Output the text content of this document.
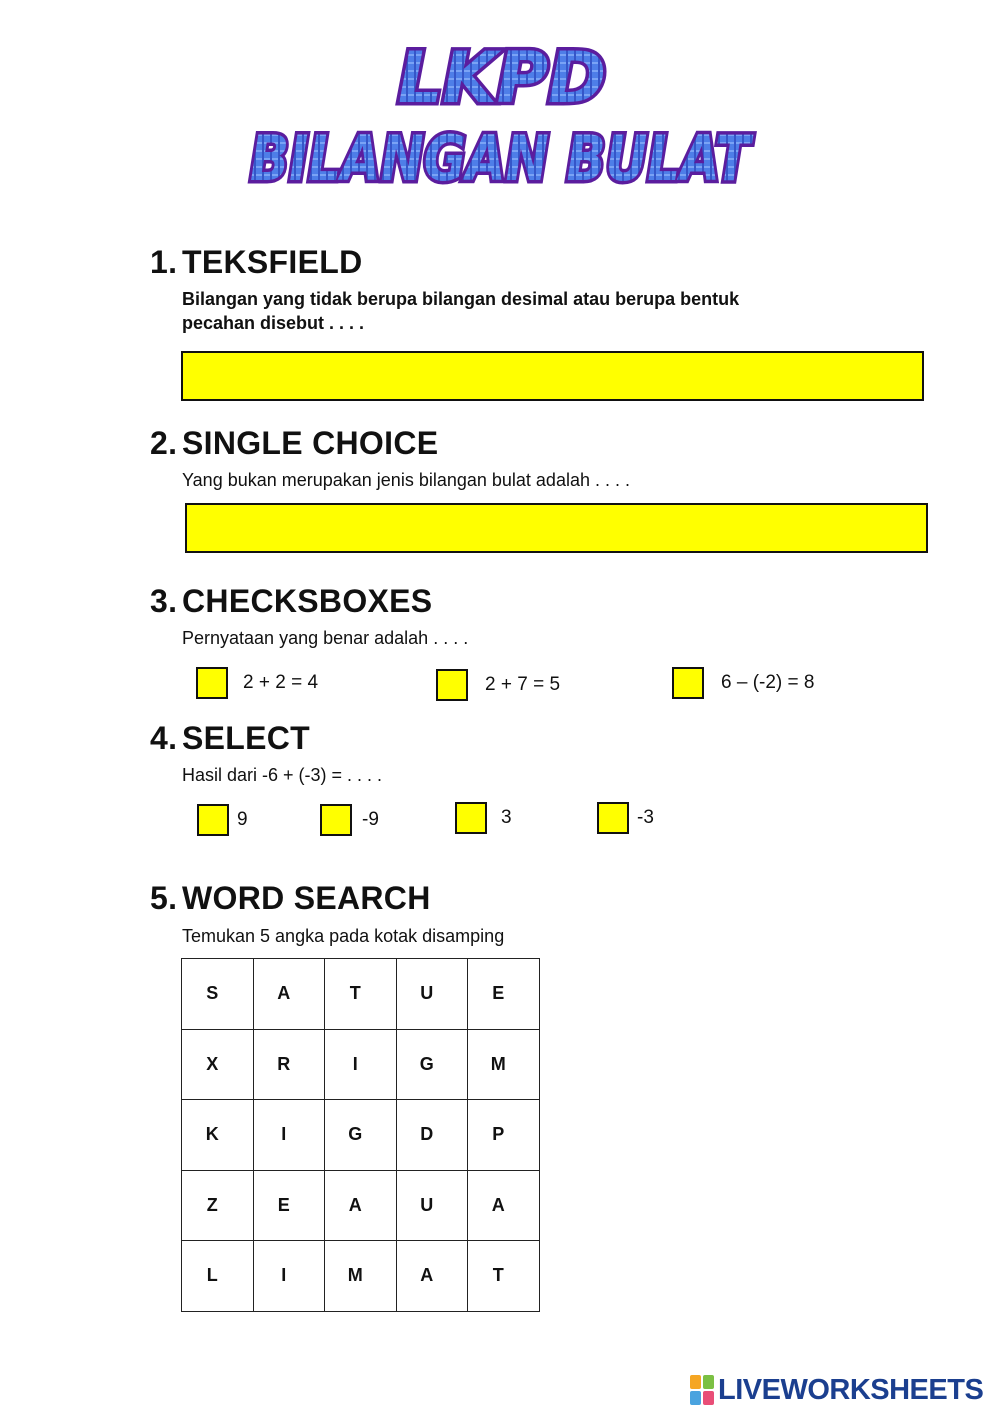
LKPD
BILANGAN BULAT
1. TEKSFIELD
Bilangan yang tidak berupa bilangan desimal atau berupa bentuk
pecahan disebut . . . .
2. SINGLE CHOICE
Yang bukan merupakan jenis bilangan bulat adalah . . . .
3. CHECKSBOXES
Pernyataan yang benar adalah . . . .
2 + 2 = 4	2 + 7 = 5	6 – (-2) = 8
4. SELECT
Hasil dari -6 + (-3) = . . . .
9	-9	3	-3
5. WORD SEARCH
Temukan 5 angka pada kotak disamping
S	A	T	U	E
X	R	I	G	M
K	I	G	D	P
Z	E	A	U	A
L	I	M	A	T
LIVEWORKSHEETS
